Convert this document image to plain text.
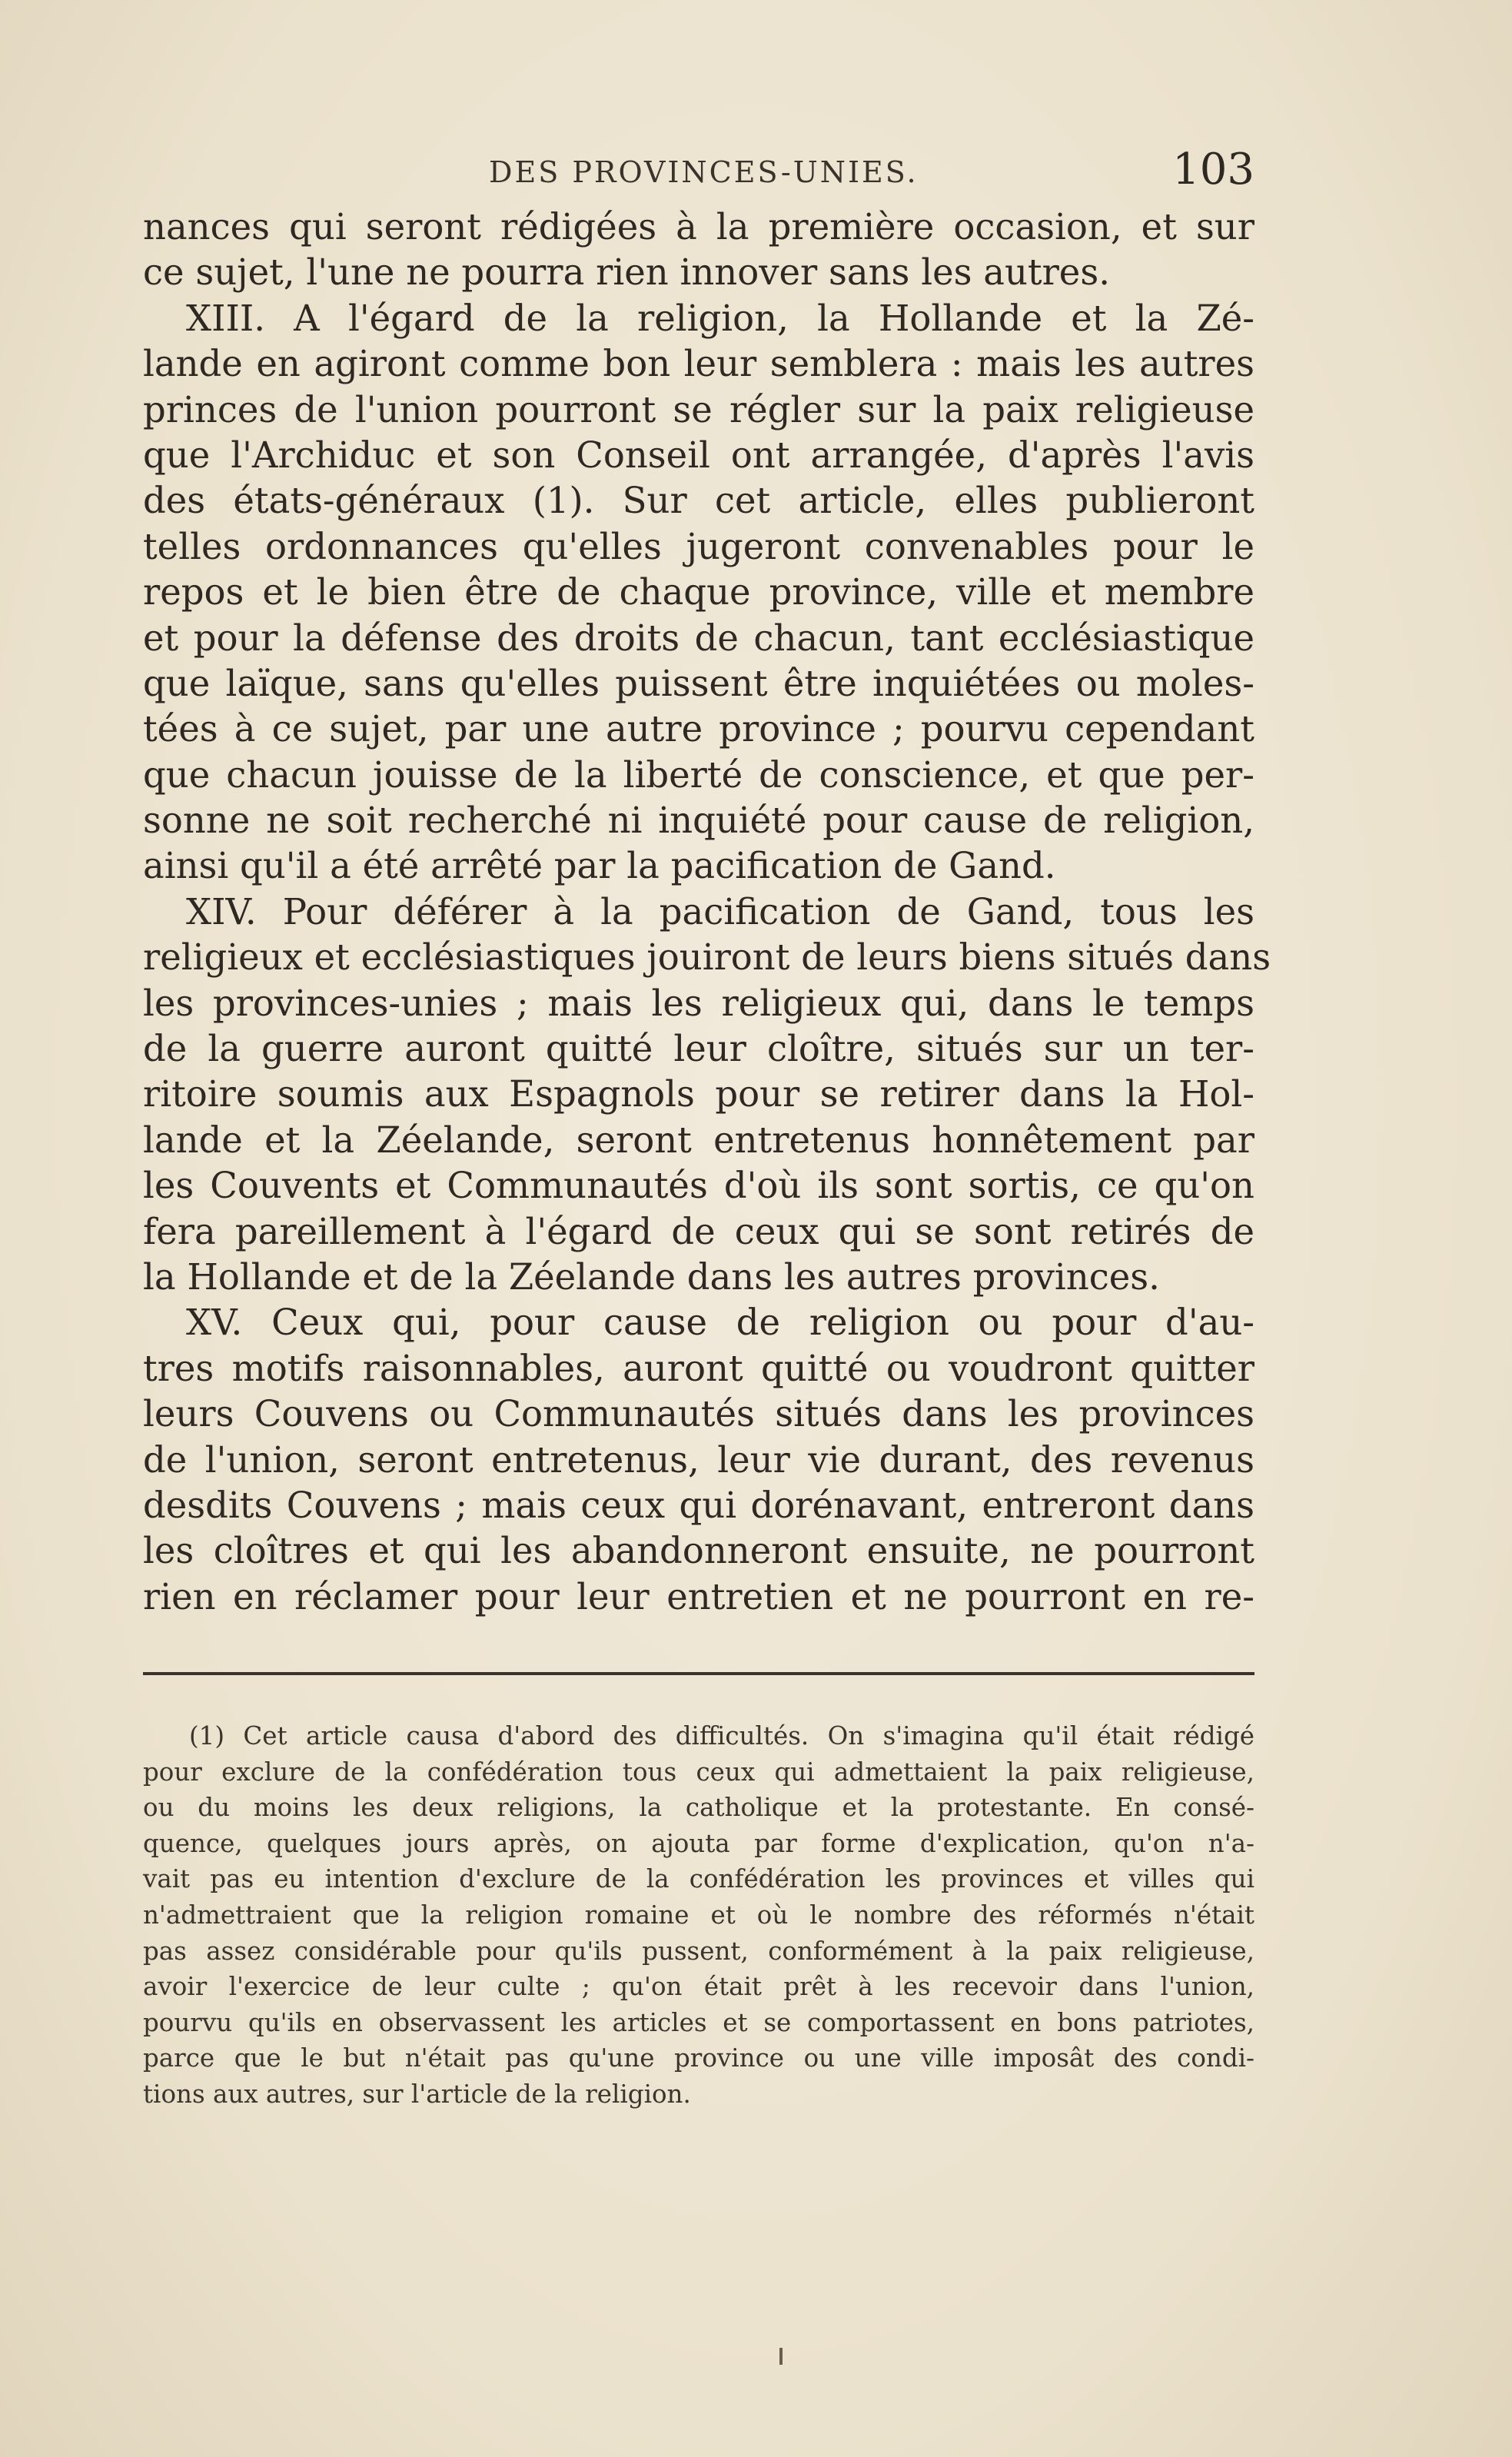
DES PROVINCES-UNIES.	103
nances qui seront rédigées à la première occasion, et sur
ce sujet, l'une ne pourra rien innover sans les autres.
XIII. A l'égard de la religion, la Hollande et la Zé-
lande en agiront comme bon leur semblera : mais les autres
princes de l'union pourront se régler sur la paix religieuse
que l'Archiduc et son Conseil ont arrangée, d'après l'avis
des états-généraux (1). Sur cet article, elles publieront
telles ordonnances qu'elles jugeront convenables pour le
repos et le bien être de chaque province, ville et membre
et pour la défense des droits de chacun, tant ecclésiastique
que laïque, sans qu'elles puissent être inquiétées ou moles-
tées à ce sujet, par une autre province ; pourvu cependant
que chacun jouisse de la liberté de conscience, et que per-
sonne ne soit recherché ni inquiété pour cause de religion,
ainsi qu'il a été arrêté par la pacification de Gand.
XIV. Pour déférer à la pacification de Gand, tous les
religieux et ecclésiastiques jouiront de leurs biens situés dans
les provinces-unies ; mais les religieux qui, dans le temps
de la guerre auront quitté leur cloître, situés sur un ter-
ritoire soumis aux Espagnols pour se retirer dans la Hol-
lande et la Zéelande, seront entretenus honnêtement par
les Couvents et Communautés d'où ils sont sortis, ce qu'on
fera pareillement à l'égard de ceux qui se sont retirés de
la Hollande et de la Zéelande dans les autres provinces.
XV. Ceux qui, pour cause de religion ou pour d'au-
tres motifs raisonnables, auront quitté ou voudront quitter
leurs Couvens ou Communautés situés dans les provinces
de l'union, seront entretenus, leur vie durant, des revenus
desdits Couvens ; mais ceux qui dorénavant, entreront dans
les cloîtres et qui les abandonneront ensuite, ne pourront
rien en réclamer pour leur entretien et ne pourront en re-
(1) Cet article causa d'abord des difficultés. On s'imagina qu'il était rédigé
pour exclure de la confédération tous ceux qui admettaient la paix religieuse,
ou du moins les deux religions, la catholique et la protestante. En consé-
quence, quelques jours après, on ajouta par forme d'explication, qu'on n'a-
vait pas eu intention d'exclure de la confédération les provinces et villes qui
n'admettraient que la religion romaine et où le nombre des réformés n'était
pas assez considérable pour qu'ils pussent, conformément à la paix religieuse,
avoir l'exercice de leur culte ; qu'on était prêt à les recevoir dans l'union,
pourvu qu'ils en observassent les articles et se comportassent en bons patriotes,
parce que le but n'était pas qu'une province ou une ville imposât des condi-
tions aux autres, sur l'article de la religion.
